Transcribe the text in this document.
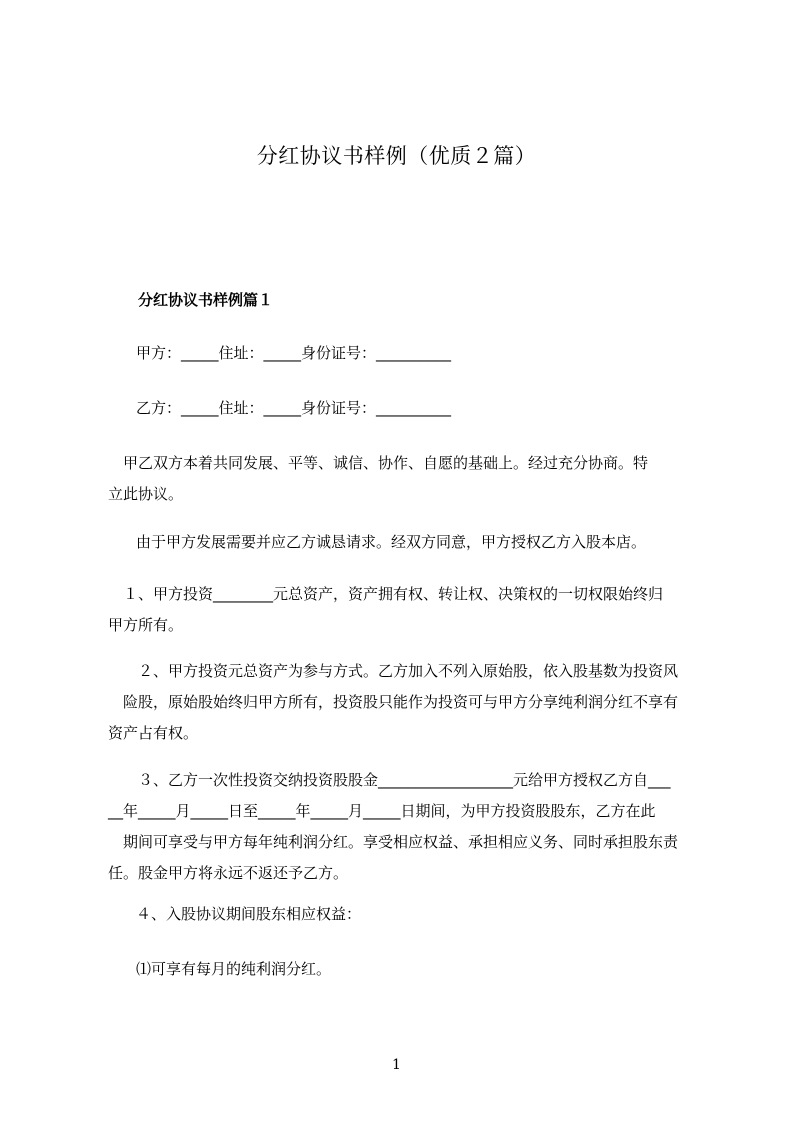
分红协议书样例（优质２篇）
分红协议书样例篇１
甲方：_____住址：_____身份证号：__________
乙方：_____住址：_____身份证号：__________

　甲乙双方本着共同发展、平等、诚信、协作、自愿的基础上。经过充分协商。特

立此协议。

由于甲方发展需要并应乙方诚恳请求。经双方同意，甲方授权乙方入股本店。

　１、甲方投资________元总资产，资产拥有权、转让权、决策权的一切权限始终归

甲方所有。

　　２、甲方投资元总资产为参与方式。乙方加入不列入原始股，依入股基数为投资风

　险股，原始股始终归甲方所有，投资股只能作为投资可与甲方分享纯利润分红不享有

资产占有权。

　　３、乙方一次性投资交纳投资股股金__________________元给甲方授权乙方自___

__年_____月_____日至_____年_____月_____日期间，为甲方投资股股东，乙方在此

　期间可享受与甲方每年纯利润分红。享受相应权益、承担相应义务、同时承担股东责

任。股金甲方将永远不返还予乙方。

４、入股协议期间股东相应权益：
⑴可享有每月的纯利润分红。
1
